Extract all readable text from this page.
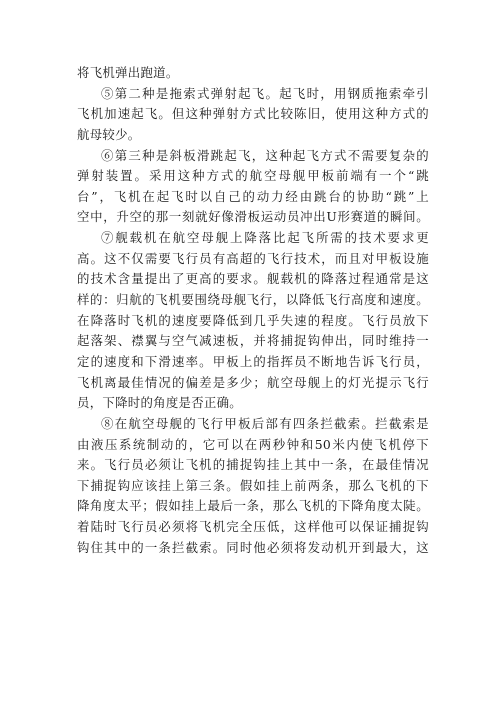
将飞机弹出跑道。
⑤第二种是拖索式弹射起飞。起飞时，用钢质拖索牵引
飞机加速起飞。但这种弹射方式比较陈旧，使用这种方式的
航母较少。
⑥第三种是斜板滑跳起飞，这种起飞方式不需要复杂的
弹射装置。采用这种方式的航空母舰甲板前端有一个“跳
台”，飞机在起飞时以自己的动力经由跳台的协助“跳”上
空中，升空的那一刻就好像滑板运动员冲出U形赛道的瞬间。
⑦舰载机在航空母舰上降落比起飞所需的技术要求更
高。这不仅需要飞行员有高超的飞行技术，而且对甲板设施
的技术含量提出了更高的要求。舰载机的降落过程通常是这
样的：归航的飞机要围绕母舰飞行，以降低飞行高度和速度。
在降落时飞机的速度要降低到几乎失速的程度。飞行员放下
起落架、襟翼与空气减速板，并将捕捉钩伸出，同时维持一
定的速度和下滑速率。甲板上的指挥员不断地告诉飞行员，
飞机离最佳情况的偏差是多少；航空母舰上的灯光提示飞行
员，下降时的角度是否正确。
⑧在航空母舰的飞行甲板后部有四条拦截索。拦截索是
由液压系统制动的，它可以在两秒钟和50米内使飞机停下
来。飞行员必须让飞机的捕捉钩挂上其中一条，在最佳情况
下捕捉钩应该挂上第三条。假如挂上前两条，那么飞机的下
降角度太平；假如挂上最后一条，那么飞机的下降角度太陡。
着陆时飞行员必须将飞机完全压低，这样他可以保证捕捉钩
钩住其中的一条拦截索。同时他必须将发动机开到最大，这
